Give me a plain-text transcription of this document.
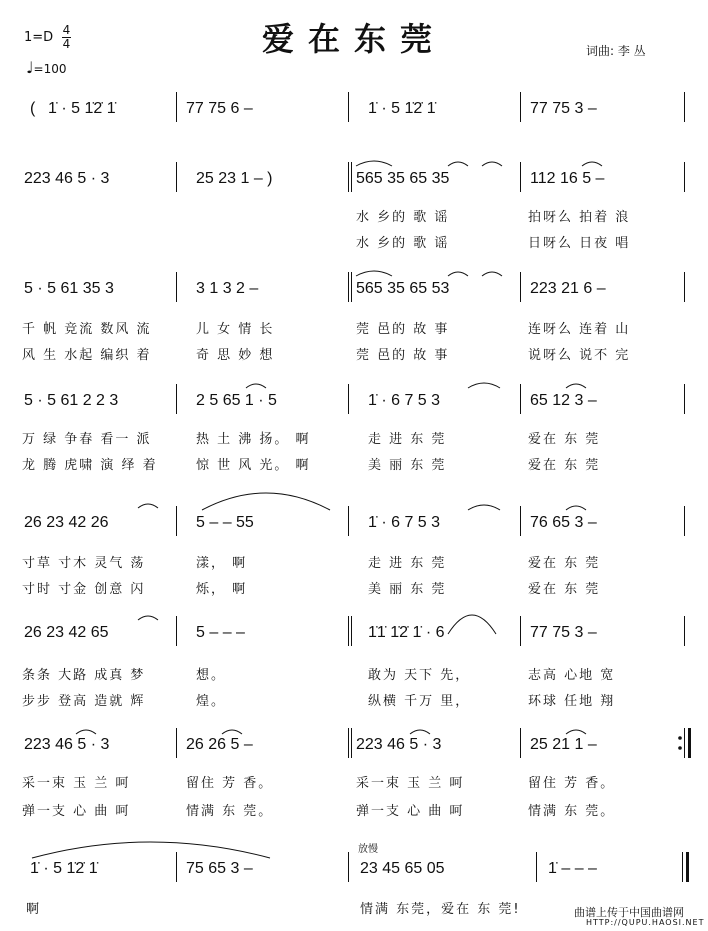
爱在东莞
1=D 4
4
♩=100
词曲: 李 丛
( 1̇ · 5 1̇2̇ 1̇	77 75 6 –	1̇ · 5 1̇2̇ 1̇	77 75 3 –
223 46 5 · 3	25 23 1 – )	565 35 65 35	112 16 5 –
水 乡的 歌 谣	拍呀么 拍着 浪
水 乡的 歌 谣	日呀么 日夜 唱
5 · 5 61 35 3	3 1 3 2 –	565 35 65 53	223 21 6 –
千 帆 竞流 数风 流	儿 女 情 长	莞 邑的 故 事	连呀么 连着 山
风 生 水起 编织 着	奇 思 妙 想	莞 邑的 故 事	说呀么 说不 完
5 · 5 61 2 2 3	2 5 65 1 · 5	1̇ · 6 7 5 3	65 12 3 –
万 绿 争春 看一 派	热 土 沸 扬。 啊	走 进 东 莞	爱在 东 莞
龙 腾 虎啸 演 绎 着	惊 世 风 光。 啊	美 丽 东 莞	爱在 东 莞
26 23 42 26	5 – – 55	1̇ · 6 7 5 3	76 65 3 –
寸草 寸木 灵气 荡	漾， 啊	走 进 东 莞	爱在 东 莞
寸时 寸金 创意 闪	烁， 啊	美 丽 东 莞	爱在 东 莞
26 23 42 65	5 – – –	1̇1̇ 1̇2̇ 1̇ · 6	77 75 3 –
条条 大路 成真 梦	想。	敢为 天下 先，	志高 心地 宽
步步 登高 造就 辉	煌。	纵横 千万 里，	环球 任地 翔
223 46 5 · 3	26 26 5 –	223 46 5 · 3	25 21 1 –
采一束 玉 兰 呵	留住 芳 香。	采一束 玉 兰 呵	留住 芳 香。
弹一支 心 曲 呵	情满 东 莞。	弹一支 心 曲 呵	情满 东 莞。
放慢
1̇ · 5 1̇2̇ 1̇	75 65 3 –	23 45 65 05	1̇ – – –
啊	情满 东莞，爱在 东 莞!	曲谱上传于中国曲谱网
HTTP://QUPU.HAOSI.NET
